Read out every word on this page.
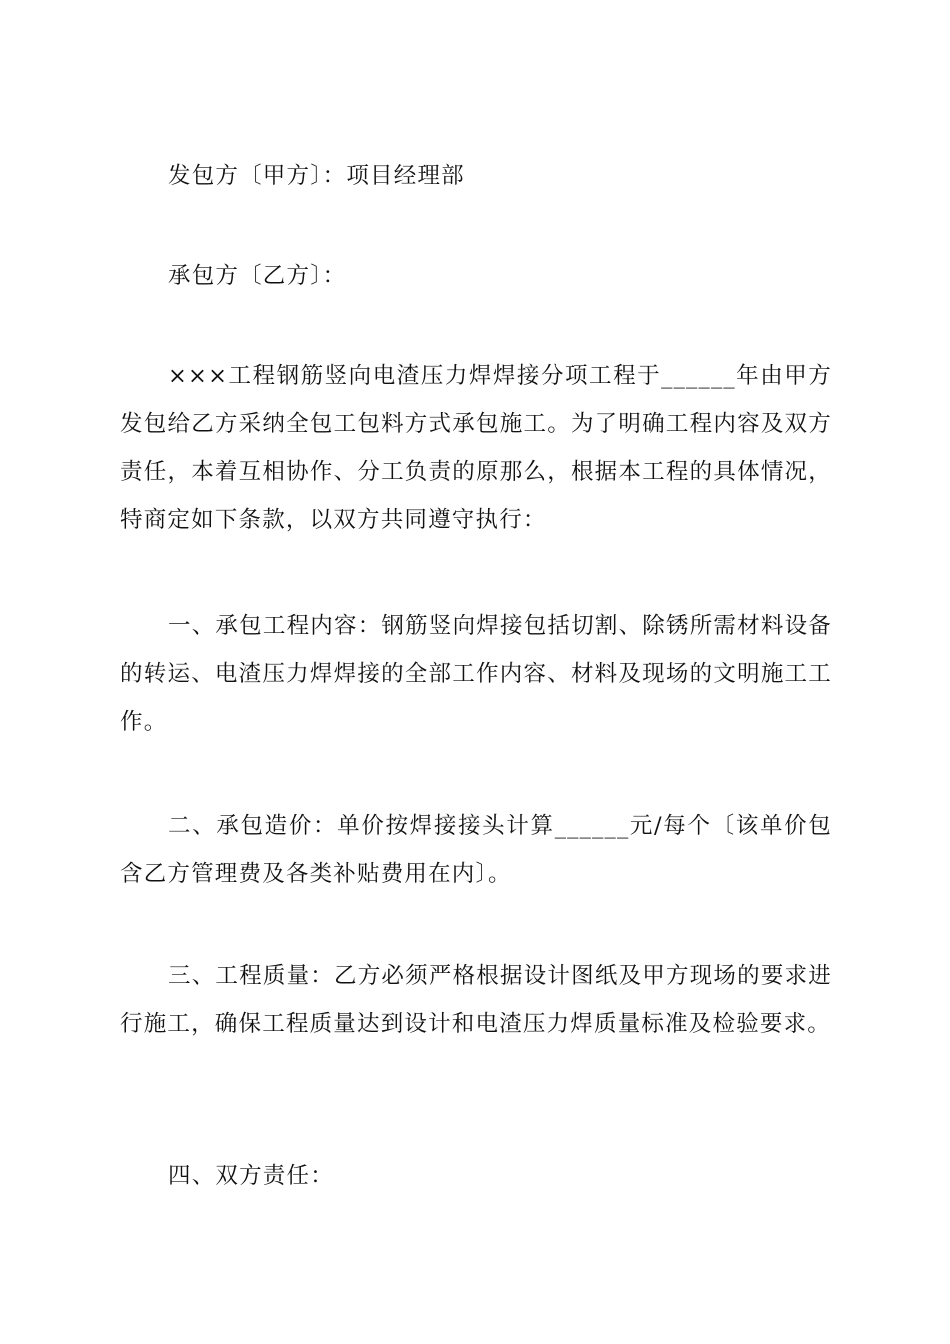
发包方〔甲方〕：项目经理部

承包方〔乙方〕：

×××工程钢筋竖向电渣压力焊焊接分项工程于______年由甲方发包给乙方采纳全包工包料方式承包施工。为了明确工程内容及双方责任，本着互相协作、分工负责的原那么，根据本工程的具体情况，特商定如下条款，以双方共同遵守执行：

一、承包工程内容：钢筋竖向焊接包括切割、除锈所需材料设备的转运、电渣压力焊焊接的全部工作内容、材料及现场的文明施工工作。

二、承包造价：单价按焊接接头计算______元/每个〔该单价包含乙方管理费及各类补贴费用在内〕。

三、工程质量：乙方必须严格根据设计图纸及甲方现场的要求进行施工，确保工程质量达到设计和电渣压力焊质量标准及检验要求。

四、双方责任：
